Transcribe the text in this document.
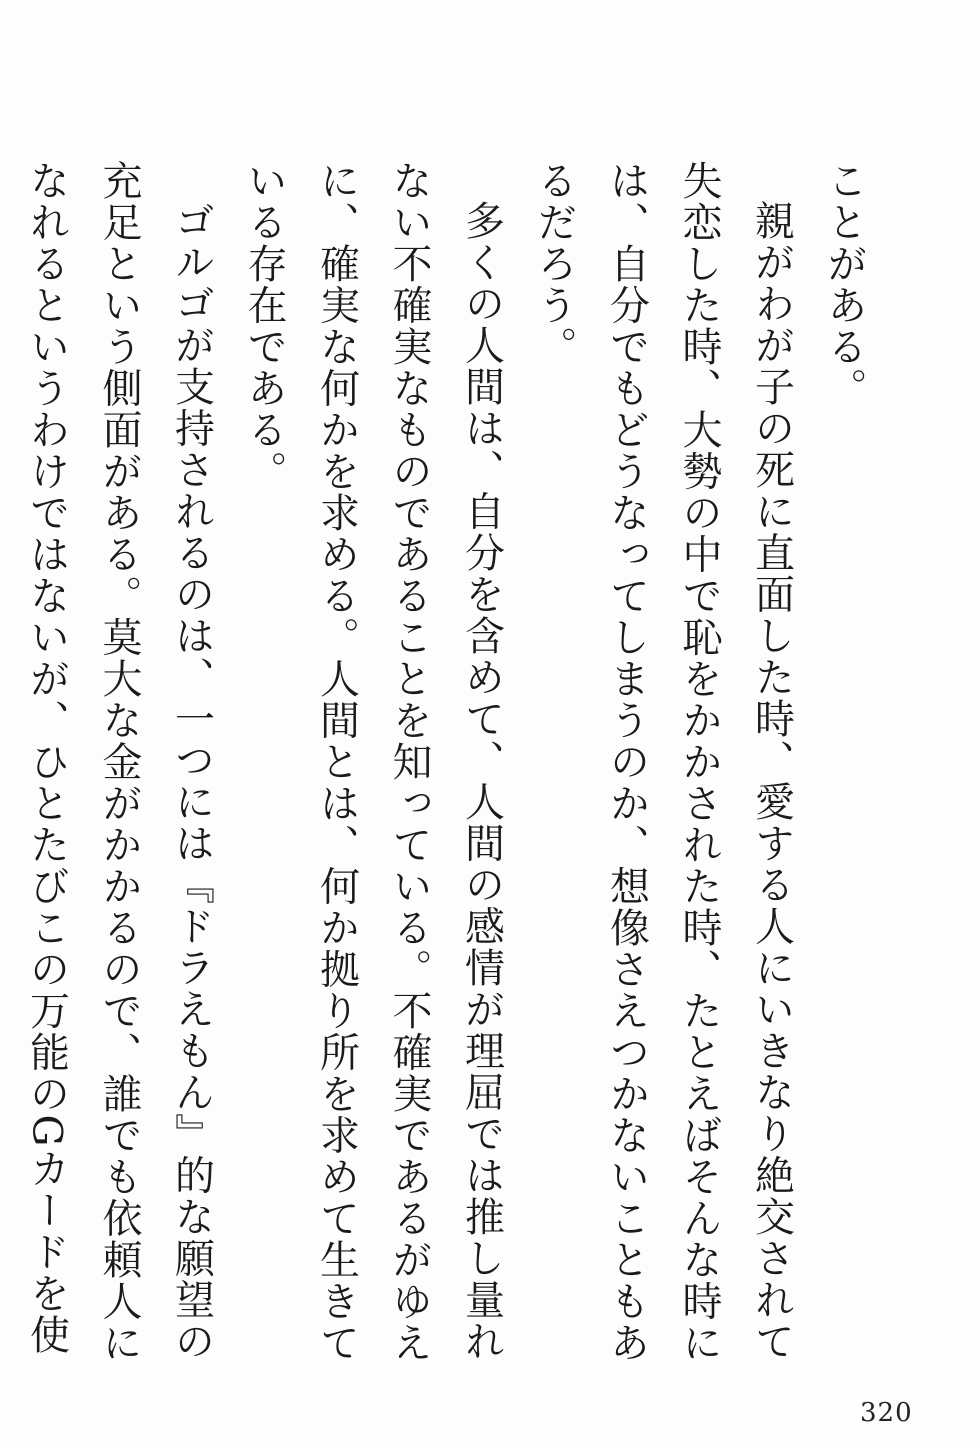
ことがある。

親がわが子の死に直面した時、愛する人にいきなり絶交されて失恋した時、大勢の中で恥をかかされた時、たとえばそんな時には、自分でもどうなってしまうのか、想像さえつかないこともあるだろう。

多くの人間は、自分を含めて、人間の感情が理屈では推し量れない不確実なものであることを知っている。不確実であるがゆえに、確実な何かを求める。人間とは、何か拠り所を求めて生きている存在である。

ゴルゴが支持されるのは、一つには『ドラえもん』的な願望の充足という側面がある。莫大な金がかかるので、誰でも依頼人になれるというわけではないが、ひとたびこの万能のGカードを使

320
